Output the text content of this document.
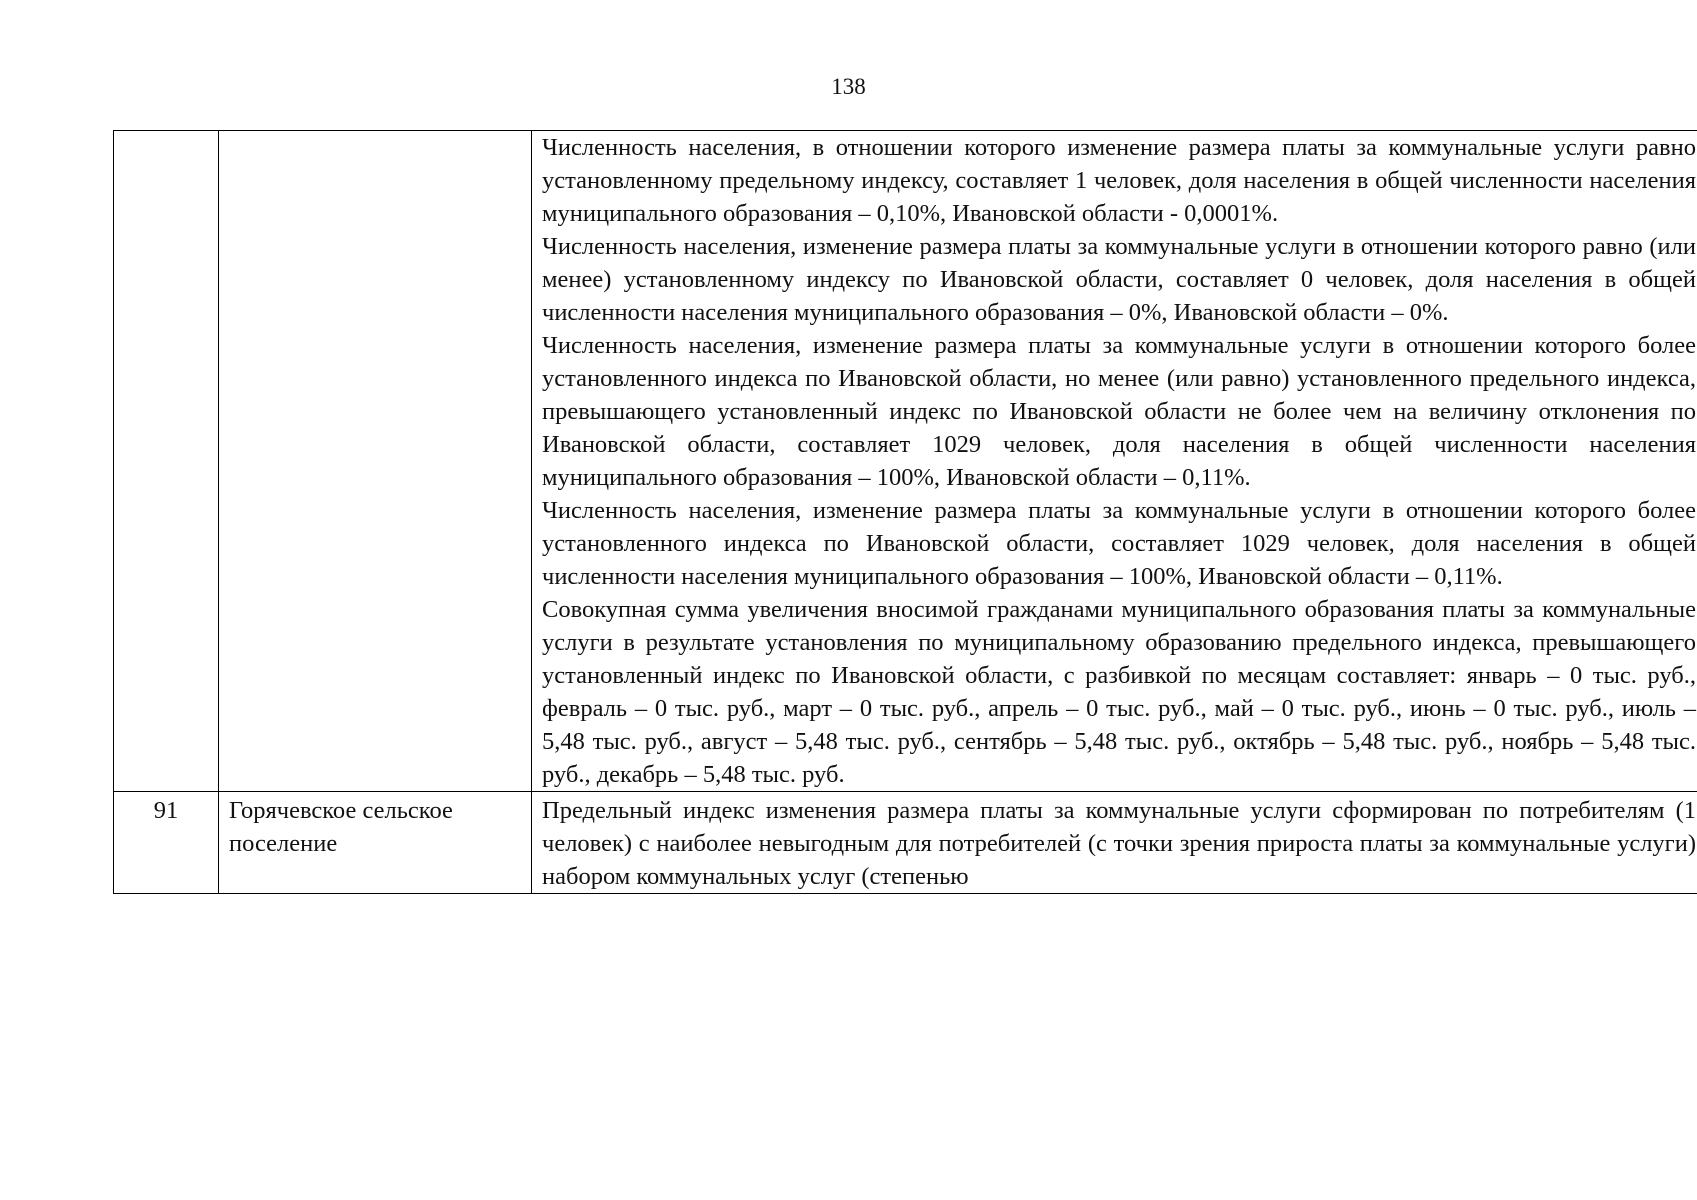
138

		Численность населения, в отношении которого изменение размера платы за коммунальные услуги равно установленному предельному индексу, составляет 1 человек, доля населения в общей численности населения муниципального образования – 0,10%, Ивановской области - 0,0001%.

Численность населения, изменение размера платы за коммунальные услуги в отношении которого равно (или менее) установленному индексу по Ивановской области, составляет 0 человек, доля населения в общей численности населения муниципального образования – 0%, Ивановской области – 0%.

Численность населения, изменение размера платы за коммунальные услуги в отношении которого более установленного индекса по Ивановской области, но менее (или равно) установленного предельного индекса, превышающего установленный индекс по Ивановской области не более чем на величину отклонения по Ивановской области, составляет 1029 человек, доля населения в общей численности населения муниципального образования – 100%, Ивановской области – 0,11%.

Численность населения, изменение размера платы за коммунальные услуги в отношении которого более установленного индекса по Ивановской области, составляет 1029 человек, доля населения в общей численности населения муниципального образования – 100%, Ивановской области – 0,11%.

Совокупная сумма увеличения вносимой гражданами муниципального образования платы за коммунальные услуги в результате установления по муниципальному образованию предельного индекса, превышающего установленный индекс по Ивановской области, с разбивкой по месяцам составляет: январь – 0 тыс. руб., февраль – 0 тыс. руб., март – 0 тыс. руб., апрель – 0 тыс. руб., май – 0 тыс. руб., июнь – 0 тыс. руб., июль – 5,48 тыс. руб., август – 5,48 тыс. руб., сентябрь – 5,48 тыс. руб., октябрь – 5,48 тыс. руб., ноябрь – 5,48 тыс. руб., декабрь – 5,48 тыс. руб.

91	Горячевское сельское поселение	Предельный индекс изменения размера платы за коммунальные услуги сформирован по потребителям (1 человек) с наиболее невыгодным для потребителей (с точки зрения прироста платы за коммунальные услуги) набором коммунальных услуг (степенью
